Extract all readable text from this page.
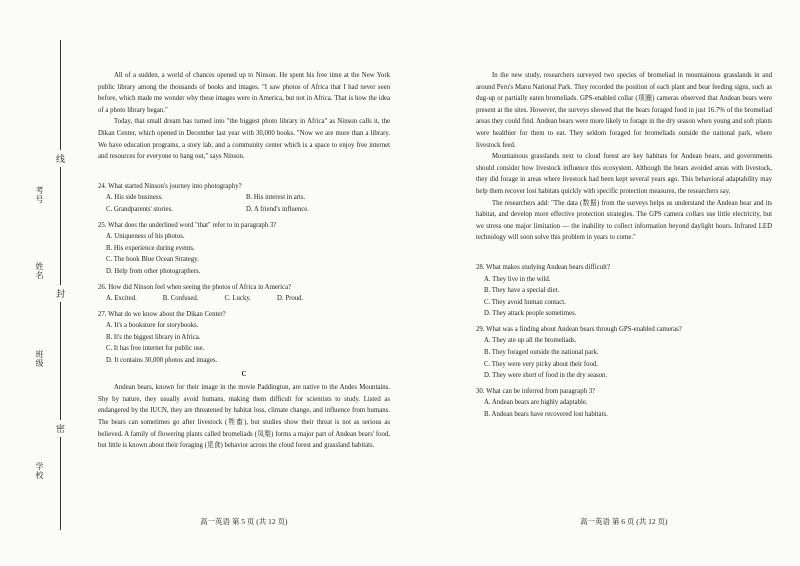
考号
姓名
班级
学校
线
封
密

All of a sudden, a world of chances opened up to Ninson. He spent his free time at the New York public library among the thousands of books and images. "I saw photos of Africa that I had never seen before, which made me wonder why these images were in America, but not in Africa. That is how the idea of a photo library began."

Today, that small dream has turned into "the biggest photo library in Africa" as Ninson calls it, the Dikan Center, which opened in December last year with 30,000 books. "Now we are more than a library. We have education programs, a story lab, and a community center which is a space to enjoy free internet and resources for everyone to hang out," says Ninson.

24. What started Ninson's journey into photography?
A. His side business.	B. His interest in arts.
C. Grandparents' stories.	D. A friend's influence.
25. What does the underlined word "that" refer to in paragraph 3?
A. Uniqueness of his photos.
B. His experience during events.
C. The book Blue Ocean Strategy.
D. Help from other photographers.
26. How did Ninson feel when seeing the photos of Africa in America?
A. Excited.	B. Confused.	C. Lucky.	D. Proud.
27. What do we know about the Dikan Center?
A. It's a bookstore for storybooks.
B. It's the biggest library in Africa.
C. It has free internet for public use.
D. It contains 30,000 photos and images.
C

Andean bears, known for their image in the movie Paddington, are native to the Andes Mountains. Shy by nature, they usually avoid humans, making them difficult for scientists to study. Listed as endangered by the IUCN, they are threatened by habitat loss, climate change, and influence from humans. The bears can sometimes go after livestock (牲畜), but studies show their threat is not as serious as believed. A family of flowering plants called bromeliads (凤梨) forms a major part of Andean bears' food, but little is known about their foraging (觅食) behavior across the cloud forest and grassland habitats.

In the new study, researchers surveyed two species of bromeliad in mountainous grasslands in and around Peru's Manu National Park. They recorded the position of each plant and bear feeding signs, such as dug-up or partially eaten bromeliads. GPS-enabled collar (项圈) cameras observed that Andean bears were present at the sites. However, the surveys showed that the bears foraged food in just 16.7% of the bromeliad areas they could find. Andean bears were more likely to forage in the dry season when young and soft plants were healthier for them to eat. They seldom foraged for bromeliads outside the national park, where livestock feed.

Mountainous grasslands next to cloud forest are key habitats for Andean bears, and governments should consider how livestock influence this ecosystem. Although the bears avoided areas with livestock, they did forage in areas where livestock had been kept several years ago. This behavioral adaptability may help them recover lost habitats quickly with specific protection measures, the researchers say.

The researchers add: "The data (数据) from the surveys helps us understand the Andean bear and its habitat, and develop more effective protection strategies. The GPS camera collars use little electricity, but we stress one major limitation — the inability to collect information beyond daylight hours. Infrared LED technology will soon solve this problem in years to come."

28. What makes studying Andean bears difficult?
A. They live in the wild.
B. They have a special diet.
C. They avoid human contact.
D. They attack people sometimes.
29. What was a finding about Andean bears through GPS-enabled cameras?
A. They ate up all the bromeliads.
B. They foraged outside the national park.
C. They were very picky about their food.
D. They were short of food in the dry season.
30. What can be inferred from paragraph 3?
A. Andean bears are highly adaptable.
B. Andean bears have recovered lost habitats.
高一英语 第 5 页 (共 12 页)	高一英语 第 6 页 (共 12 页)
